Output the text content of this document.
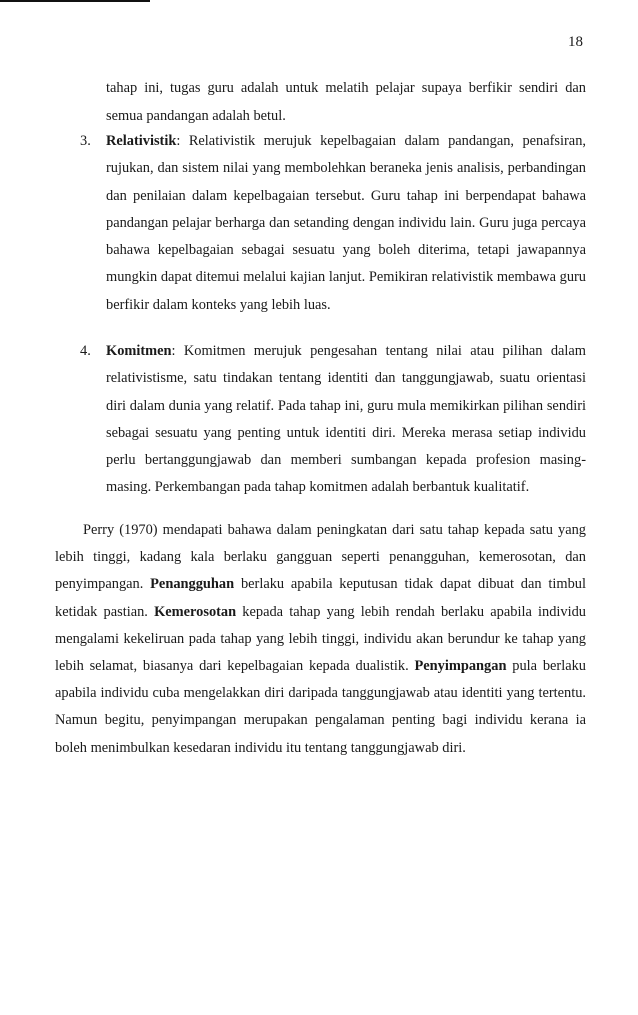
18

tahap ini, tugas guru adalah untuk melatih pelajar supaya berfikir sendiri dan semua pandangan adalah betul.

3. Relativistik: Relativistik merujuk kepelbagaian dalam pandangan, penafsiran, rujukan, dan sistem nilai yang membolehkan beraneka jenis analisis, perbandingan dan penilaian dalam kepelbagaian tersebut. Guru tahap ini berpendapat bahawa pandangan pelajar berharga dan setanding dengan individu lain. Guru juga percaya bahawa kepelbagaian sebagai sesuatu yang boleh diterima, tetapi jawapannya mungkin dapat ditemui melalui kajian lanjut. Pemikiran relativistik membawa guru berfikir dalam konteks yang lebih luas.
4. Komitmen: Komitmen merujuk pengesahan tentang nilai atau pilihan dalam relativistisme, satu tindakan tentang identiti dan tanggungjawab, suatu orientasi diri dalam dunia yang relatif. Pada tahap ini, guru mula memikirkan pilihan sendiri sebagai sesuatu yang penting untuk identiti diri. Mereka merasa setiap individu perlu bertanggungjawab dan memberi sumbangan kepada profesion masing-masing. Perkembangan pada tahap komitmen adalah berbantuk kualitatif.

Perry (1970) mendapati bahawa dalam peningkatan dari satu tahap kepada satu yang lebih tinggi, kadang kala berlaku gangguan seperti penangguhan, kemerosotan, dan penyimpangan. Penangguhan berlaku apabila keputusan tidak dapat dibuat dan timbul ketidak pastian. Kemerosotan kepada tahap yang lebih rendah berlaku apabila individu mengalami kekeliruan pada tahap yang lebih tinggi, individu akan berundur ke tahap yang lebih selamat, biasanya dari kepelbagaian kepada dualistik. Penyimpangan pula berlaku apabila individu cuba mengelakkan diri daripada tanggungjawab atau identiti yang tertentu. Namun begitu, penyimpangan merupakan pengalaman penting bagi individu kerana ia boleh menimbulkan kesedaran individu itu tentang tanggungjawab diri.
